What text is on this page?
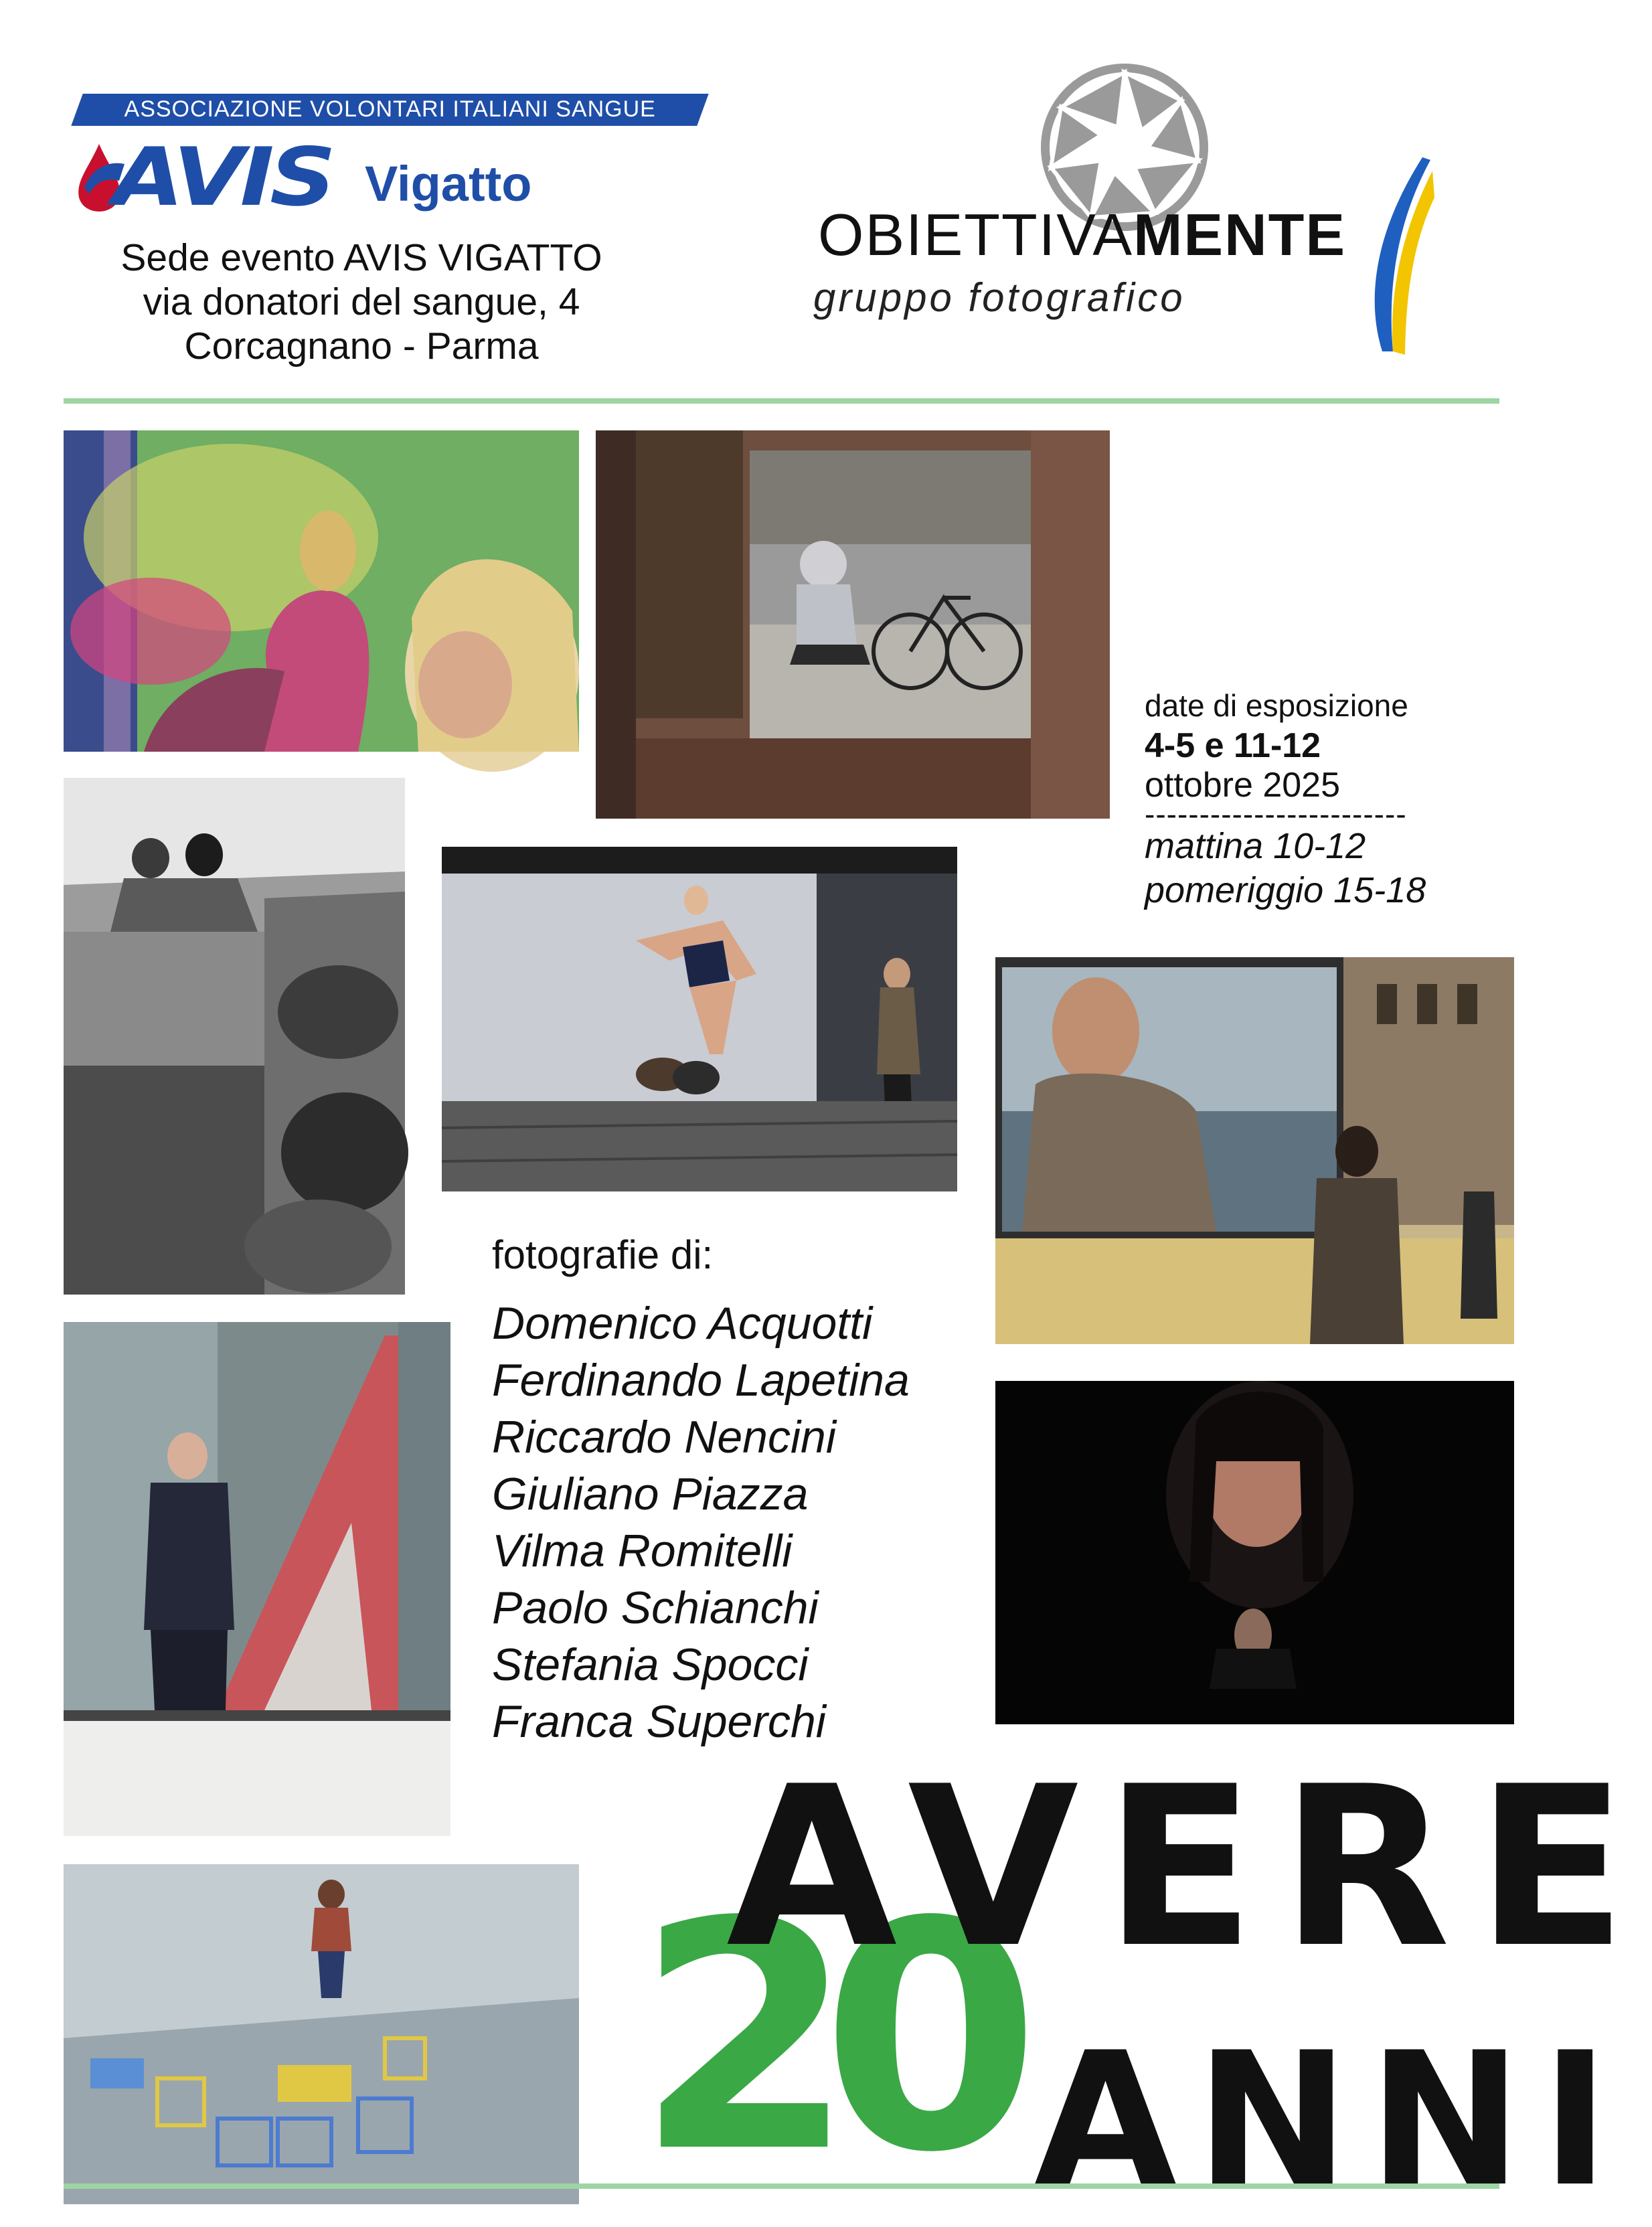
ASSOCIAZIONE VOLONTARI ITALIANI SANGUE
AVIS Vigatto
Sede evento AVIS VIGATTO
via donatori del sangue, 4
Corcagnano - Parma
OBIETTIVAMENTE
gruppo fotografico
date di esposizione
4-5 e 11-12
ottobre 2025
------------------------
mattina 10-12
pomeriggio 15-18
fotografie di:
Domenico Acquotti
Ferdinando Lapetina
Riccardo Nencini
Giuliano Piazza
Vilma Romitelli
Paolo Schianchi
Stefania Spocci
Franca Superchi
20
AVERE
ANNI
